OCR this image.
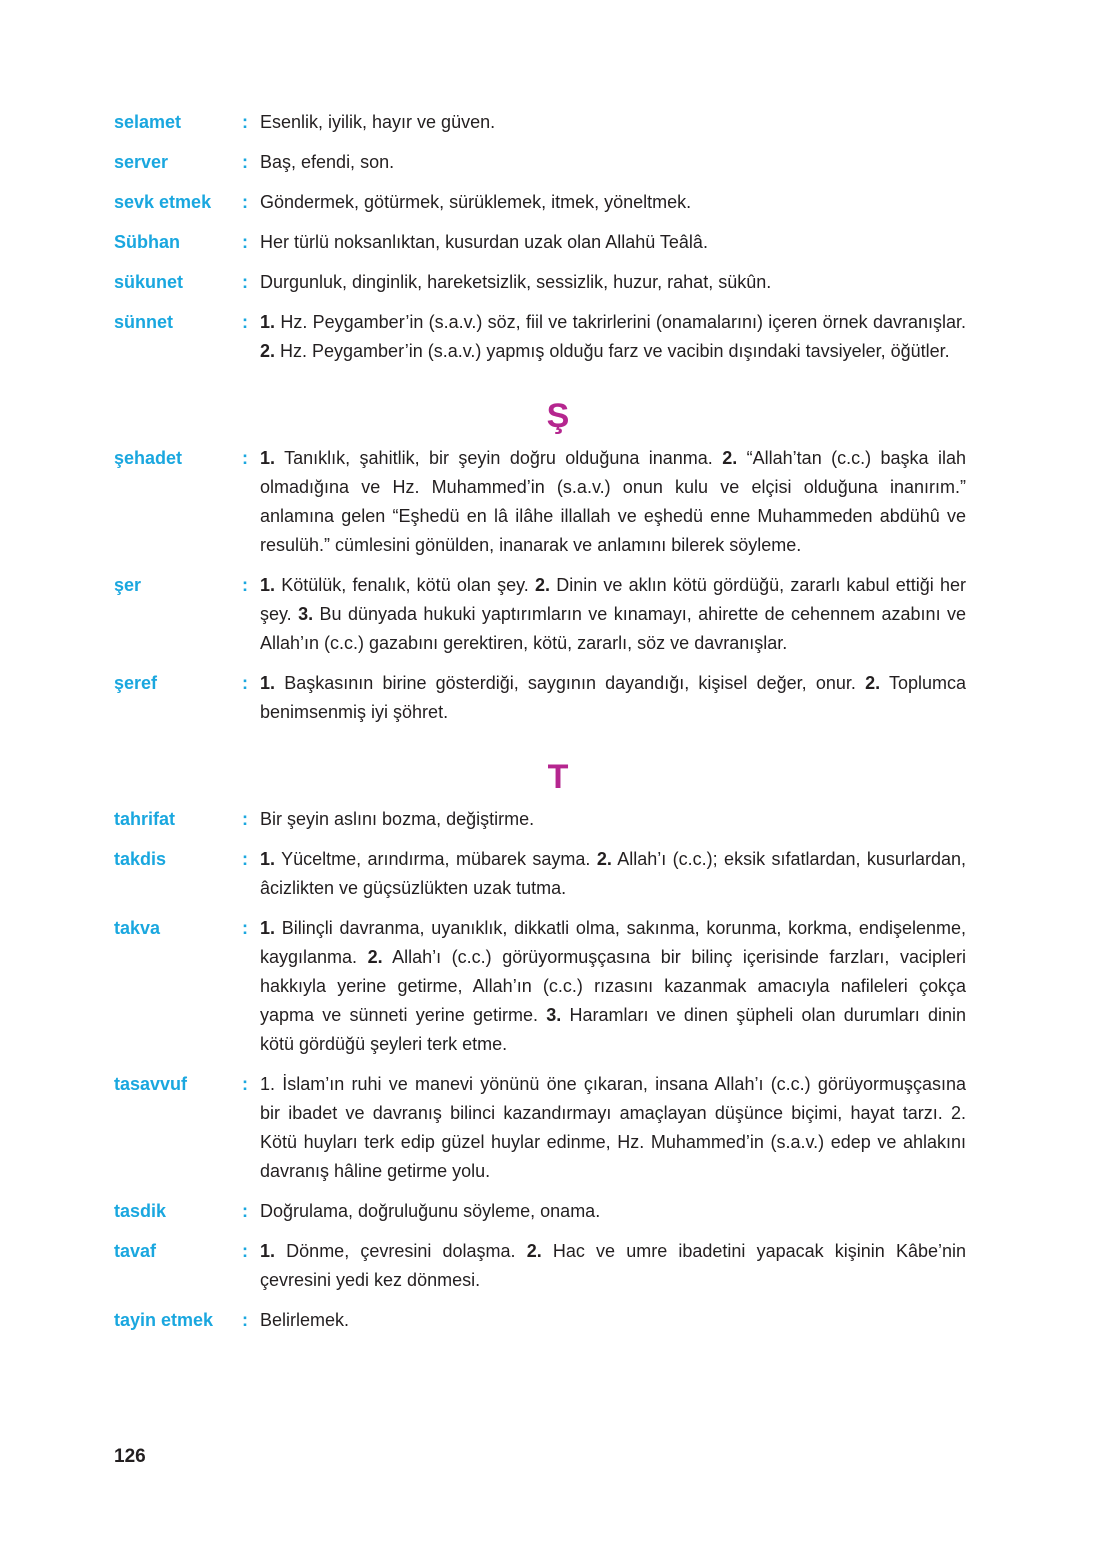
selamet	: Esenlik, iyilik, hayır ve güven.
server	: Baş, efendi, son.
sevk etmek	: Göndermek, götürmek, sürüklemek, itmek, yöneltmek.
Sübhan	: Her türlü noksanlıktan, kusurdan uzak olan Allahü Teâlâ.
sükunet	: Durgunluk, dinginlik, hareketsizlik, sessizlik, huzur, rahat, sükûn.
sünnet	: 1. Hz. Peygamber’in (s.a.v.) söz, fiil ve takrirlerini (onamalarını) içeren örnek davranışlar. 2. Hz. Peygamber’in (s.a.v.) yapmış olduğu farz ve vacibin dışındaki tavsiyeler, öğütler.
Ş
şehadet	: 1. Tanıklık, şahitlik, bir şeyin doğru olduğuna inanma. 2. “Allah’tan (c.c.) başka ilah olmadığına ve Hz. Muhammed’in (s.a.v.) onun kulu ve elçisi olduğuna inanırım.” anlamına gelen “Eşhedü en lâ ilâhe illallah ve eşhedü enne Muhammeden abdühû ve resulüh.” cümlesini gönülden, inanarak ve anlamını bilerek söyleme.
şer	: 1. Kötülük, fenalık, kötü olan şey. 2. Dinin ve aklın kötü gördüğü, zararlı kabul ettiği her şey. 3. Bu dünyada hukuki yaptırımların ve kınamayı, ahirette de cehennem azabını ve Allah’ın (c.c.) gazabını gerektiren, kötü, zararlı, söz ve davranışlar.
şeref	: 1. Başkasının birine gösterdiği, saygının dayandığı, kişisel değer, onur. 2. Toplumca benimsenmiş iyi şöhret.
T
tahrifat	: Bir şeyin aslını bozma, değiştirme.
takdis	: 1. Yüceltme, arındırma, mübarek sayma. 2. Allah’ı (c.c.); eksik sıfatlardan, kusurlardan, âcizlikten ve güçsüzlükten uzak tutma.
takva	: 1. Bilinçli davranma, uyanıklık, dikkatli olma, sakınma, korunma, korkma, endişelenme, kaygılanma. 2. Allah’ı (c.c.) görüyormuşçasına bir bilinç içerisinde farzları, vacipleri hakkıyla yerine getirme, Allah’ın (c.c.) rızasını kazanmak amacıyla nafileleri çokça yapma ve sünneti yerine getirme. 3. Haramları ve dinen şüpheli olan durumları dinin kötü gördüğü şeyleri terk etme.
tasavvuf	: 1. İslam’ın ruhi ve manevi yönünü öne çıkaran, insana Allah’ı (c.c.) görüyormuşçasına bir ibadet ve davranış bilinci kazandırmayı amaçlayan düşünce biçimi, hayat tarzı. 2. Kötü huyları terk edip güzel huylar edinme, Hz. Muhammed’in (s.a.v.) edep ve ahlakını davranış hâline getirme yolu.
tasdik	: Doğrulama, doğruluğunu söyleme, onama.
tavaf	: 1. Dönme, çevresini dolaşma. 2. Hac ve umre ibadetini yapacak kişinin Kâbe’nin çevresini yedi kez dönmesi.
tayin etmek	: Belirlemek.
126
